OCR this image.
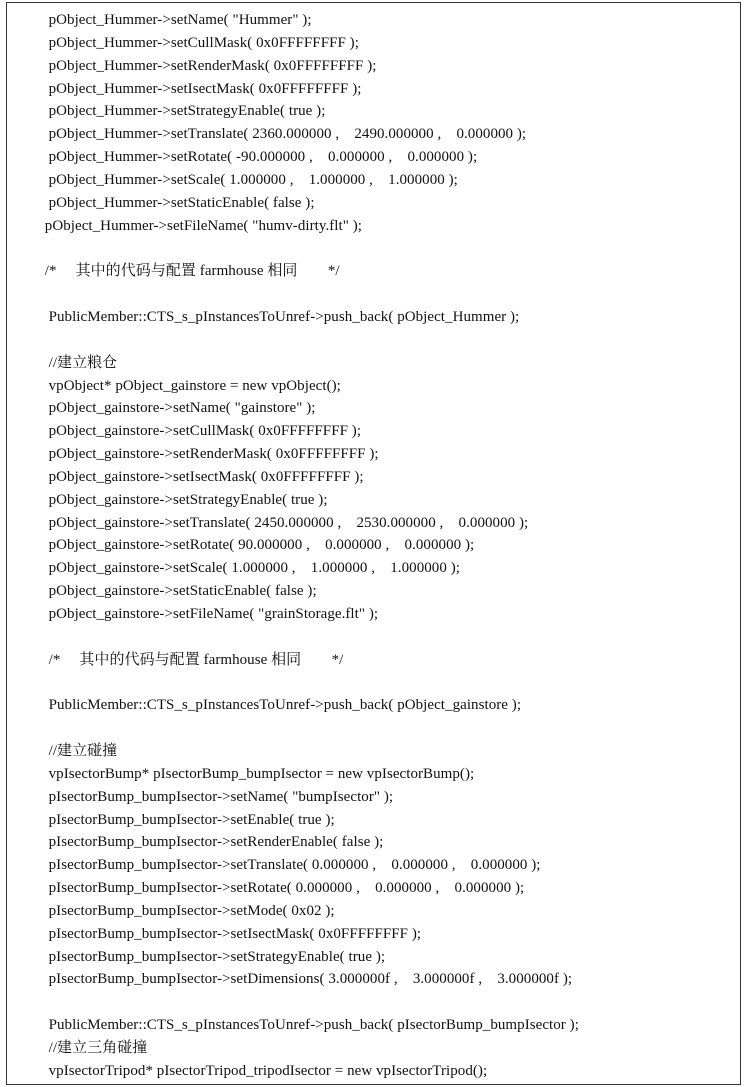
pObject_Hummer->setName( "Hummer" );
pObject_Hummer->setCullMask( 0x0FFFFFFFF );
pObject_Hummer->setRenderMask( 0x0FFFFFFFF );
pObject_Hummer->setIsectMask( 0x0FFFFFFFF );
pObject_Hummer->setStrategyEnable( true );
pObject_Hummer->setTranslate( 2360.000000 ,    2490.000000 ,    0.000000 );
pObject_Hummer->setRotate( -90.000000 ,    0.000000 ,    0.000000 );
pObject_Hummer->setScale( 1.000000 ,    1.000000 ,    1.000000 );
pObject_Hummer->setStaticEnable( false );
pObject_Hummer->setFileName( "humv-dirty.flt" );

/*     其中的代码与配置 farmhouse 相同        */

PublicMember::CTS_s_pInstancesToUnref->push_back( pObject_Hummer );

//建立粮仓
vpObject* pObject_gainstore = new vpObject();
pObject_gainstore->setName( "gainstore" );
pObject_gainstore->setCullMask( 0x0FFFFFFFF );
pObject_gainstore->setRenderMask( 0x0FFFFFFFF );
pObject_gainstore->setIsectMask( 0x0FFFFFFFF );
pObject_gainstore->setStrategyEnable( true );
pObject_gainstore->setTranslate( 2450.000000 ,    2530.000000 ,    0.000000 );
pObject_gainstore->setRotate( 90.000000 ,    0.000000 ,    0.000000 );
pObject_gainstore->setScale( 1.000000 ,    1.000000 ,    1.000000 );
pObject_gainstore->setStaticEnable( false );
pObject_gainstore->setFileName( "grainStorage.flt" );

/*     其中的代码与配置 farmhouse 相同        */

PublicMember::CTS_s_pInstancesToUnref->push_back( pObject_gainstore );

//建立碰撞
vpIsectorBump* pIsectorBump_bumpIsector = new vpIsectorBump();
pIsectorBump_bumpIsector->setName( "bumpIsector" );
pIsectorBump_bumpIsector->setEnable( true );
pIsectorBump_bumpIsector->setRenderEnable( false );
pIsectorBump_bumpIsector->setTranslate( 0.000000 ,    0.000000 ,    0.000000 );
pIsectorBump_bumpIsector->setRotate( 0.000000 ,    0.000000 ,    0.000000 );
pIsectorBump_bumpIsector->setMode( 0x02 );
pIsectorBump_bumpIsector->setIsectMask( 0x0FFFFFFFF );
pIsectorBump_bumpIsector->setStrategyEnable( true );
pIsectorBump_bumpIsector->setDimensions( 3.000000f ,    3.000000f ,    3.000000f );

PublicMember::CTS_s_pInstancesToUnref->push_back( pIsectorBump_bumpIsector );
//建立三角碰撞
vpIsectorTripod* pIsectorTripod_tripodIsector = new vpIsectorTripod();
